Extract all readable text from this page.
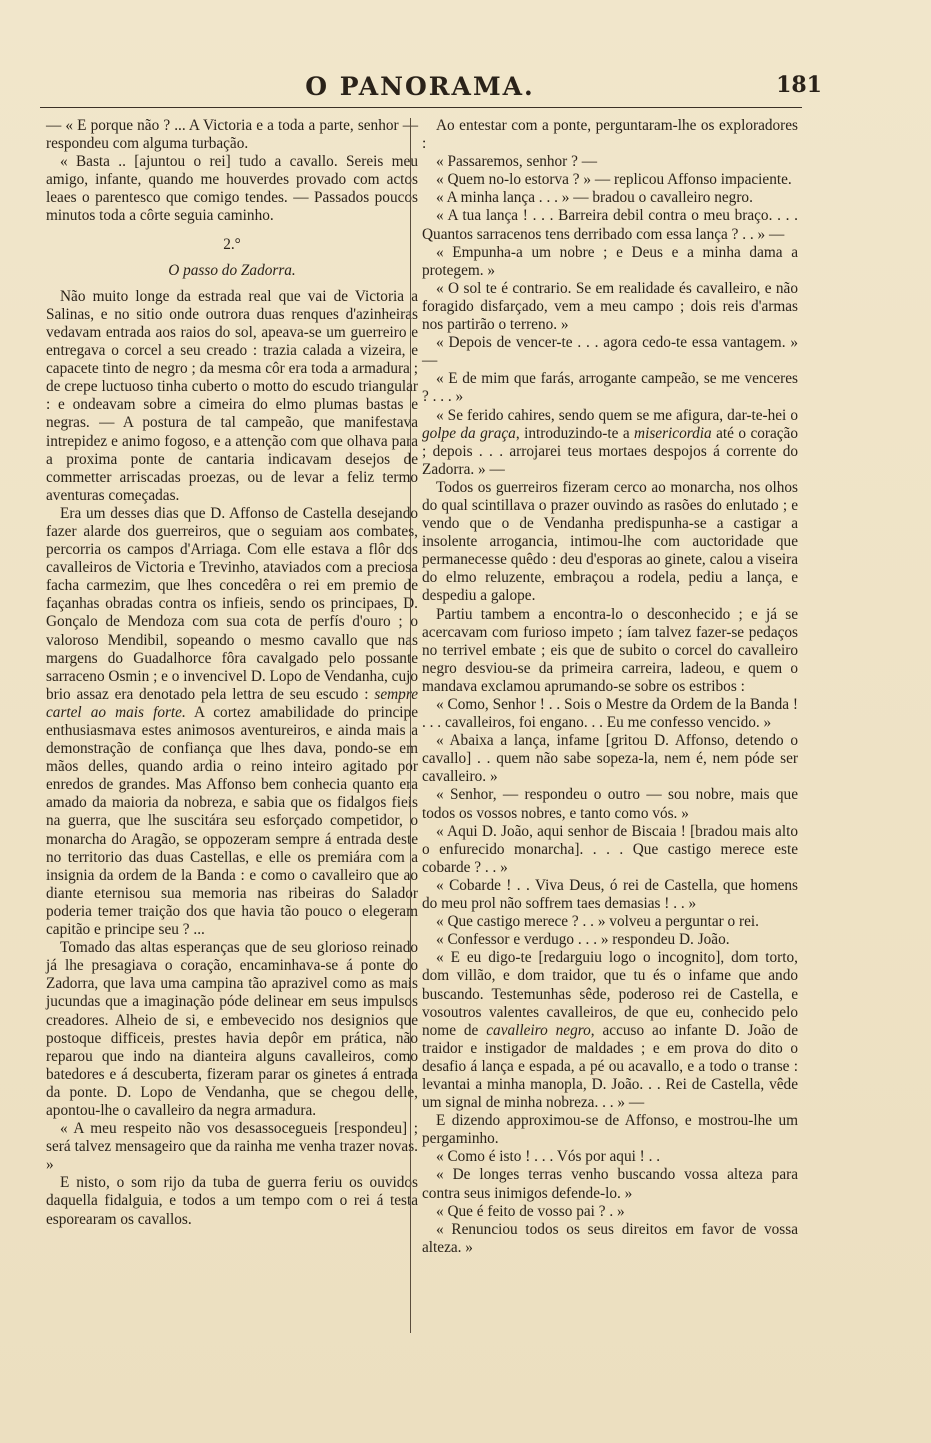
O PANORAMA.	181

— « E porque não ? ... A Victoria e a toda a parte, senhor — respondeu com alguma turbação.

« Basta .. [ajuntou o rei] tudo a cavallo. Sereis meu amigo, infante, quando me houverdes provado com actos leaes o parentesco que comigo tendes. — Passados poucos minutos toda a côrte seguia caminho.

2.°

O passo do Zadorra.

Não muito longe da estrada real que vai de Victoria a Salinas, e no sitio onde outrora duas renques d'azinheiras vedavam entrada aos raios do sol, apeava-se um guerreiro e entregava o corcel a seu creado : trazia calada a vizeira, e capacete tinto de negro ; da mesma côr era toda a armadura ; de crepe luctuoso tinha cuberto o motto do escudo triangular : e ondeavam sobre a cimeira do elmo plumas bastas e negras. — A postura de tal campeão, que manifestava intrepidez e animo fogoso, e a attenção com que olhava para a proxima ponte de cantaria indicavam desejos de commetter arriscadas proezas, ou de levar a feliz termo aventuras começadas.

Era um desses dias que D. Affonso de Castella desejando fazer alarde dos guerreiros, que o seguiam aos combates, percorria os campos d'Arriaga. Com elle estava a flôr dos cavalleiros de Victoria e Trevinho, ataviados com a preciosa facha carmezim, que lhes concedêra o rei em premio de façanhas obradas contra os infieis, sendo os principaes, D. Gonçalo de Mendoza com sua cota de perfís d'ouro ; o valoroso Mendibil, sopeando o mesmo cavallo que nas margens do Guadalhorce fôra cavalgado pelo possante sarraceno Osmin ; e o invencivel D. Lopo de Vendanha, cujo brio assaz era denotado pela lettra de seu escudo : sempre cartel ao mais forte. A cortez amabilidade do principe enthusiasmava estes animosos aventureiros, e ainda mais a demonstração de confiança que lhes dava, pondo-se em mãos delles, quando ardia o reino inteiro agitado por enredos de grandes. Mas Affonso bem conhecia quanto era amado da maioria da nobreza, e sabia que os fidalgos fieis na guerra, que lhe suscitára seu esforçado competidor, o monarcha do Aragão, se oppozeram sempre á entrada deste no territorio das duas Castellas, e elle os premiára com a insignia da ordem de la Banda : e como o cavalleiro que ao diante eternisou sua memoria nas ribeiras do Salador poderia temer traição dos que havia tão pouco o elegeram capitão e principe seu ? ...

Tomado das altas esperanças que de seu glorioso reinado já lhe presagiava o coração, encaminhava-se á ponte do Zadorra, que lava uma campina tão aprazivel como as mais jucundas que a imaginação póde delinear em seus impulsos creadores. Alheio de si, e embevecido nos designios que postoque difficeis, prestes havia depôr em prática, não reparou que indo na dianteira alguns cavalleiros, como batedores e á descuberta, fizeram parar os ginetes á entrada da ponte. D. Lopo de Vendanha, que se chegou delle, apontou-lhe o cavalleiro da negra armadura.

« A meu respeito não vos desassocegueis [respondeu] ; será talvez mensageiro que da rainha me venha trazer novas. »

E nisto, o som rijo da tuba de guerra feriu os ouvidos daquella fidalguia, e todos a um tempo com o rei á testa esporearam os cavallos.

Ao entestar com a ponte, perguntaram-lhe os exploradores :

« Passaremos, senhor ? —

« Quem no-lo estorva ? » — replicou Affonso impaciente.

« A minha lança . . . » — bradou o cavalleiro negro.

« A tua lança ! . . . Barreira debil contra o meu braço. . . . Quantos sarracenos tens derribado com essa lança ? . . » —

« Empunha-a um nobre ; e Deus e a minha dama a protegem. »

« O sol te é contrario. Se em realidade és cavalleiro, e não foragido disfarçado, vem a meu campo ; dois reis d'armas nos partirão o terreno. »

« Depois de vencer-te . . . agora cedo-te essa vantagem. » —

« E de mim que farás, arrogante campeão, se me venceres ? . . . »

« Se ferido cahires, sendo quem se me afigura, dar-te-hei o golpe da graça, introduzindo-te a misericordia até o coração ; depois . . . arrojarei teus mortaes despojos á corrente do Zadorra. » —

Todos os guerreiros fizeram cerco ao monarcha, nos olhos do qual scintillava o prazer ouvindo as rasões do enlutado ; e vendo que o de Vendanha predispunha-se a castigar a insolente arrogancia, intimou-lhe com auctoridade que permanecesse quêdo : deu d'esporas ao ginete, calou a viseira do elmo reluzente, embraçou a rodela, pediu a lança, e despediu a galope.

Partiu tambem a encontra-lo o desconhecido ; e já se acercavam com furioso impeto ; íam talvez fazer-se pedaços no terrivel embate ; eis que de subito o corcel do cavalleiro negro desviou-se da primeira carreira, ladeou, e quem o mandava exclamou aprumando-se sobre os estribos :

« Como, Senhor ! . . Sois o Mestre da Ordem de la Banda ! . . . cavalleiros, foi engano. . . Eu me confesso vencido. »

« Abaixa a lança, infame [gritou D. Affonso, detendo o cavallo] . . quem não sabe sopeza-la, nem é, nem póde ser cavalleiro. »

« Senhor, — respondeu o outro — sou nobre, mais que todos os vossos nobres, e tanto como vós. »

« Aqui D. João, aqui senhor de Biscaia ! [bradou mais alto o enfurecido monarcha]. . . . Que castigo merece este cobarde ? . . »

« Cobarde ! . . Viva Deus, ó rei de Castella, que homens do meu prol não soffrem taes demasias ! . . »

« Que castigo merece ? . . » volveu a perguntar o rei.

« Confessor e verdugo . . . » respondeu D. João.

« E eu digo-te [redarguiu logo o incognito], dom torto, dom villão, e dom traidor, que tu és o infame que ando buscando. Testemunhas sêde, poderoso rei de Castella, e vosoutros valentes cavalleiros, de que eu, conhecido pelo nome de cavalleiro negro, accuso ao infante D. João de traidor e instigador de maldades ; e em prova do dito o desafio á lança e espada, a pé ou acavallo, e a todo o transe : levantai a minha manopla, D. João. . . Rei de Castella, vêde um signal de minha nobreza. . . » —

E dizendo approximou-se de Affonso, e mostrou-lhe um pergaminho.

« Como é isto ! . . . Vós por aqui ! . .

« De longes terras venho buscando vossa alteza para contra seus inimigos defende-lo. »

« Que é feito de vosso pai ? . »

« Renunciou todos os seus direitos em favor de vossa alteza. »
